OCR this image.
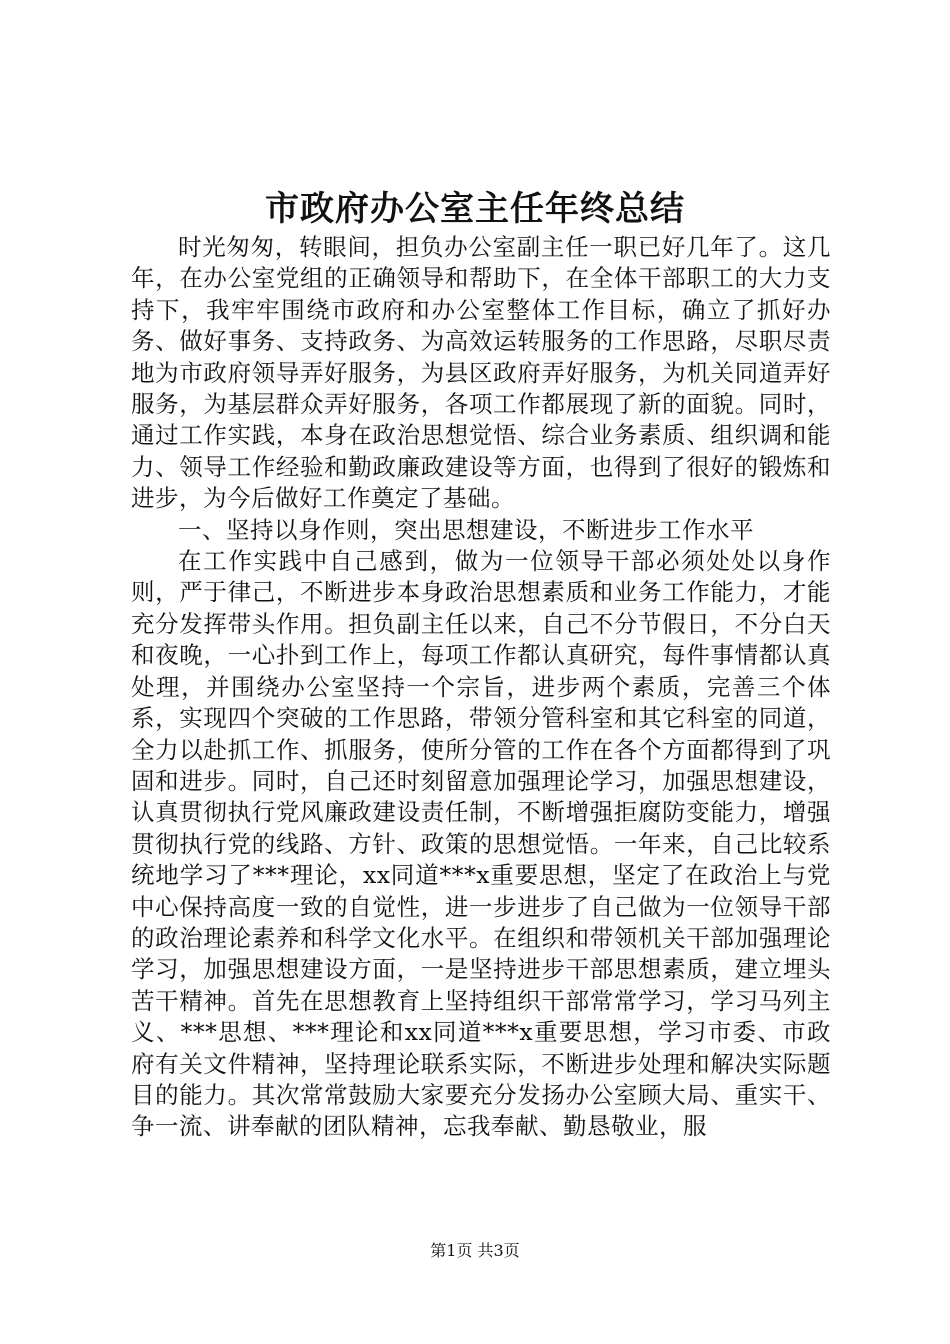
市政府办公室主任年终总结

时光匆匆，转眼间，担负办公室副主任一职已好几年了。这几年，在办公室党组的正确领导和帮助下，在全体干部职工的大力支持下，我牢牢围绕市政府和办公室整体工作目标，确立了抓好办务、做好事务、支持政务、为高效运转服务的工作思路，尽职尽责地为市政府领导弄好服务，为县区政府弄好服务，为机关同道弄好服务，为基层群众弄好服务，各项工作都展现了新的面貌。同时，通过工作实践，本身在政治思想觉悟、综合业务素质、组织调和能力、领导工作经验和勤政廉政建设等方面，也得到了很好的锻炼和进步，为今后做好工作奠定了基础。

一、坚持以身作则，突出思想建设，不断进步工作水平

在工作实践中自己感到，做为一位领导干部必须处处以身作则，严于律己，不断进步本身政治思想素质和业务工作能力，才能充分发挥带头作用。担负副主任以来，自己不分节假日，不分白天和夜晚，一心扑到工作上，每项工作都认真研究，每件事情都认真处理，并围绕办公室坚持一个宗旨，进步两个素质，完善三个体系，实现四个突破的工作思路，带领分管科室和其它科室的同道，全力以赴抓工作、抓服务，使所分管的工作在各个方面都得到了巩固和进步。同时，自己还时刻留意加强理论学习，加强思想建设，认真贯彻执行党风廉政建设责任制，不断增强拒腐防变能力，增强贯彻执行党的线路、方针、政策的思想觉悟。一年来，自己比较系统地学习了***理论，xx同道***x重要思想，坚定了在政治上与党中心保持高度一致的自觉性，进一步进步了自己做为一位领导干部的政治理论素养和科学文化水平。在组织和带领机关干部加强理论学习，加强思想建设方面，一是坚持进步干部思想素质，建立埋头苦干精神。首先在思想教育上坚持组织干部常常学习，学习马列主义、***思想、***理论和xx同道***x重要思想，学习市委、市政府有关文件精神，坚持理论联系实际，不断进步处理和解决实际题目的能力。其次常常鼓励大家要充分发扬办公室顾大局、重实干、争一流、讲奉献的团队精神，忘我奉献、勤恳敬业，服

第1页 共3页
